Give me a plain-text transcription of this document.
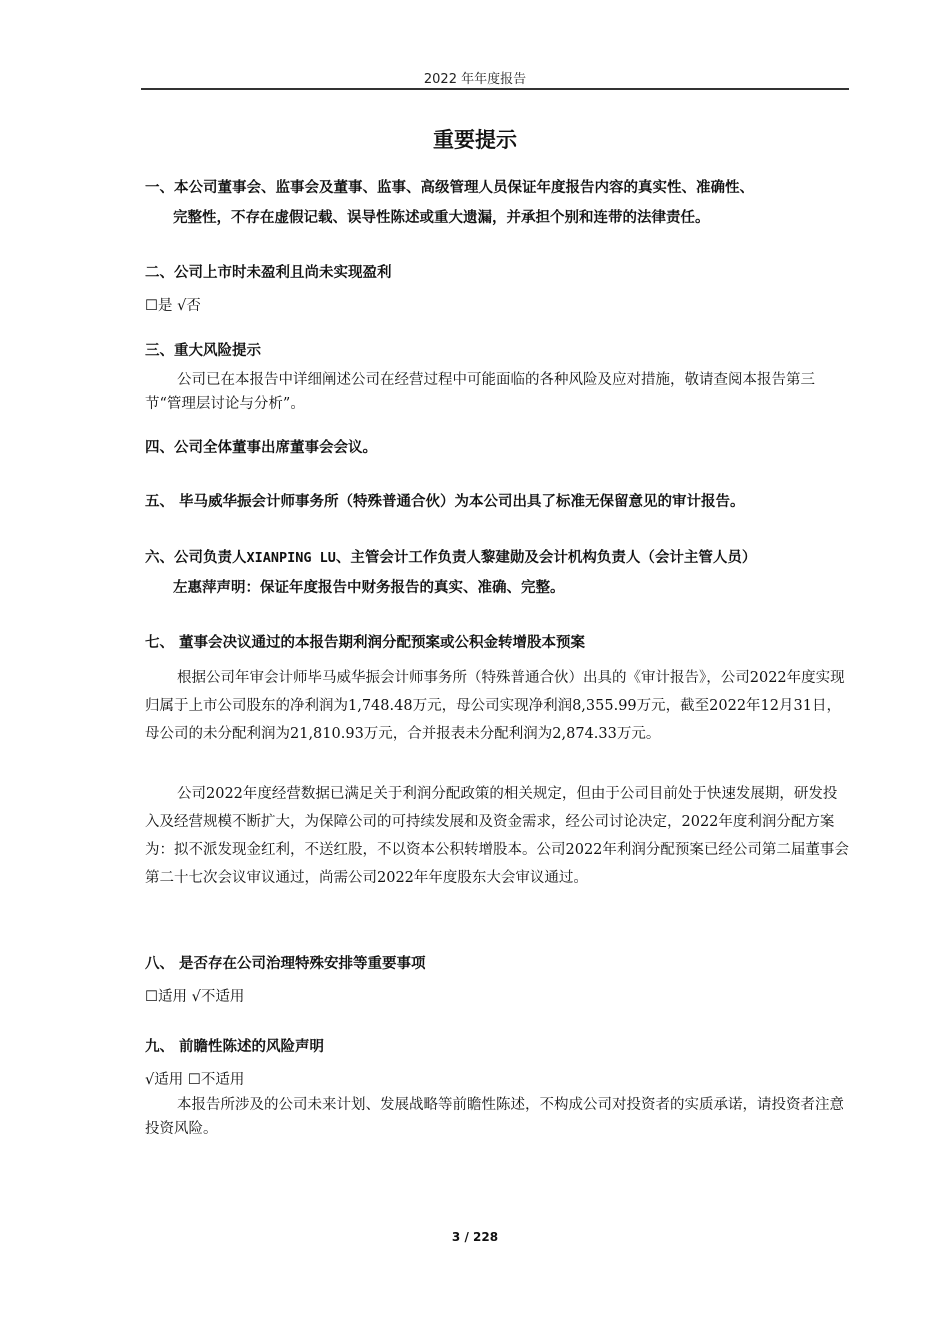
2022 年年度报告
重要提示
一、本公司董事会、监事会及董事、监事、高级管理人员保证年度报告内容的真实性、准确性、
完整性，不存在虚假记载、误导性陈述或重大遗漏，并承担个别和连带的法律责任。
二、公司上市时未盈利且尚未实现盈利
☐是 √否
三、重大风险提示
公司已在本报告中详细阐述公司在经营过程中可能面临的各种风险及应对措施，敬请查阅本报告第三节“管理层讨论与分析”。
四、公司全体董事出席董事会会议。
五、 毕马威华振会计师事务所（特殊普通合伙）为本公司出具了标准无保留意见的审计报告。
六、公司负责人XIANPING LU、主管会计工作负责人黎建勋及会计机构负责人（会计主管人员）
左惠萍声明：保证年度报告中财务报告的真实、准确、完整。
七、 董事会决议通过的本报告期利润分配预案或公积金转增股本预案
根据公司年审会计师毕马威华振会计师事务所（特殊普通合伙）出具的《审计报告》，公司2022年度实现归属于上市公司股东的净利润为1,748.48万元，母公司实现净利润8,355.99万元，截至2022年12月31日，母公司的未分配利润为21,810.93万元，合并报表未分配利润为2,874.33万元。
公司2022年度经营数据已满足关于利润分配政策的相关规定，但由于公司目前处于快速发展期，研发投入及经营规模不断扩大，为保障公司的可持续发展和及资金需求，经公司讨论决定，2022年度利润分配方案为：拟不派发现金红利，不送红股，不以资本公积转增股本。公司2022年利润分配预案已经公司第二届董事会第二十七次会议审议通过，尚需公司2022年年度股东大会审议通过。
八、 是否存在公司治理特殊安排等重要事项
☐适用 √不适用
九、 前瞻性陈述的风险声明
√适用 ☐不适用
本报告所涉及的公司未来计划、发展战略等前瞻性陈述，不构成公司对投资者的实质承诺，请投资者注意投资风险。
3 / 228
